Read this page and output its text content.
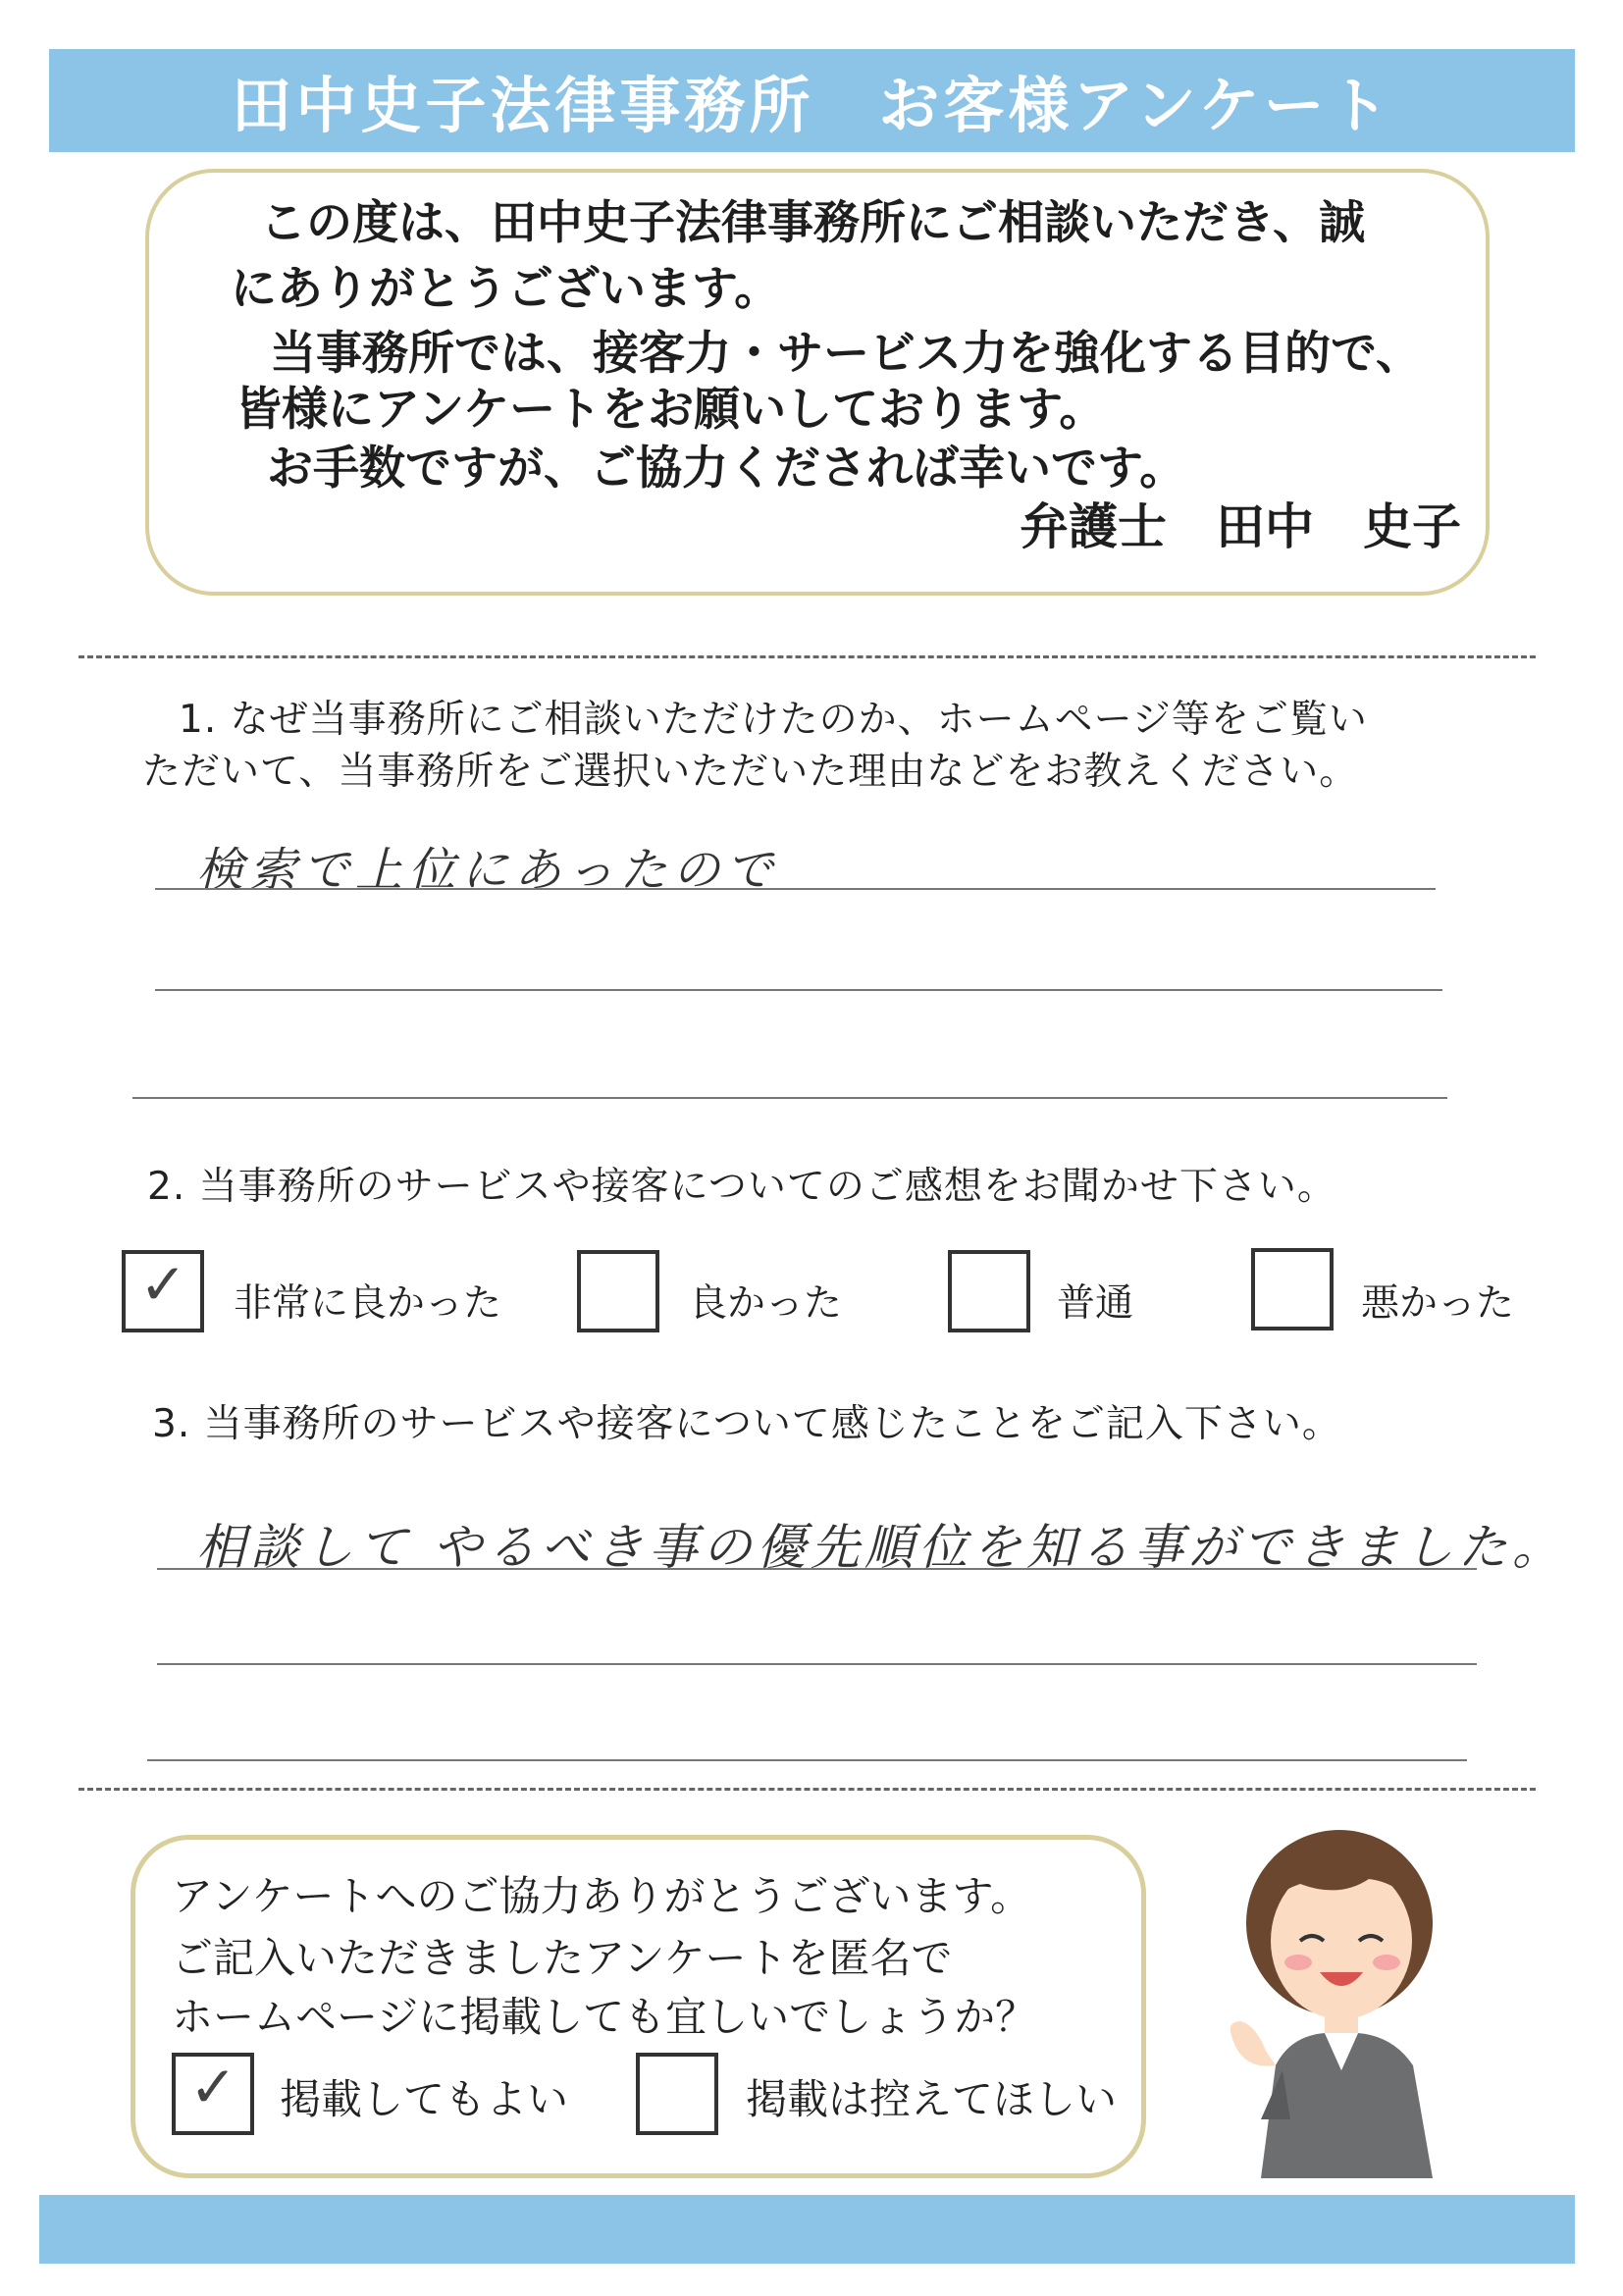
田中史子法律事務所　お客様アンケート
この度は、田中史子法律事務所にご相談いただき、誠
にありがとうございます。
当事務所では、接客力・サービス力を強化する目的で、
皆様にアンケートをお願いしております。
お手数ですが、ご協力くだされば幸いです。
弁護士　田中　史子
1. なぜ当事務所にご相談いただけたのか、ホームページ等をご覧い
ただいて、当事務所をご選択いただいた理由などをお教えください。
検索で上位にあったので
2. 当事務所のサービスや接客についてのご感想をお聞かせ下さい。
✓ 非常に良かった	良かった	普通	悪かった
3. 当事務所のサービスや接客について感じたことをご記入下さい。
相談して やるべき事の優先順位を知る事ができました。
アンケートへのご協力ありがとうございます。
ご記入いただきましたアンケートを匿名で
ホームページに掲載しても宜しいでしょうか？
✓ 掲載してもよい	掲載は控えてほしい
